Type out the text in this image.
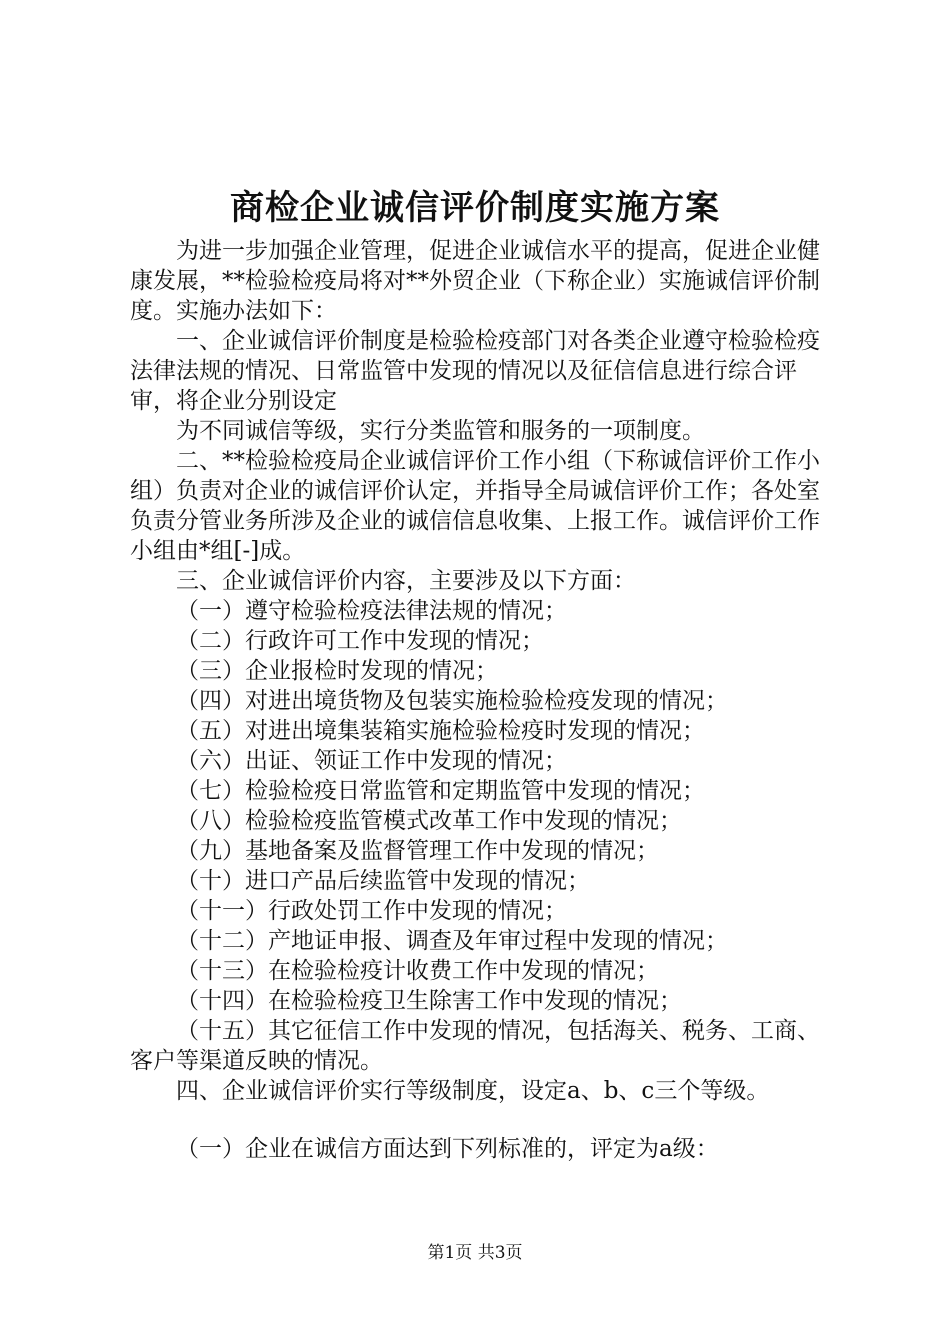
商检企业诚信评价制度实施方案

为进一步加强企业管理，促进企业诚信水平的提高，促进企业健康发展，**检验检疫局将对**外贸企业（下称企业）实施诚信评价制度。实施办法如下：

一、企业诚信评价制度是检验检疫部门对各类企业遵守检验检疫法律法规的情况、日常监管中发现的情况以及征信信息进行综合评审，将企业分别设定

为不同诚信等级，实行分类监管和服务的一项制度。

二、**检验检疫局企业诚信评价工作小组（下称诚信评价工作小组）负责对企业的诚信评价认定，并指导全局诚信评价工作；各处室负责分管业务所涉及企业的诚信信息收集、上报工作。诚信评价工作小组由*组[-]成。

三、企业诚信评价内容，主要涉及以下方面：

（一）遵守检验检疫法律法规的情况；

（二）行政许可工作中发现的情况；

（三）企业报检时发现的情况；

（四）对进出境货物及包装实施检验检疫发现的情况；

（五）对进出境集装箱实施检验检疫时发现的情况；

（六）出证、领证工作中发现的情况；

（七）检验检疫日常监管和定期监管中发现的情况；

（八）检验检疫监管模式改革工作中发现的情况；

（九）基地备案及监督管理工作中发现的情况；

（十）进口产品后续监管中发现的情况；

（十一）行政处罚工作中发现的情况；

（十二）产地证申报、调查及年审过程中发现的情况；

（十三）在检验检疫计收费工作中发现的情况；

（十四）在检验检疫卫生除害工作中发现的情况；

（十五）其它征信工作中发现的情况，包括海关、税务、工商、客户等渠道反映的情况。

四、企业诚信评价实行等级制度，设定a、b、c三个等级。

（一）企业在诚信方面达到下列标准的，评定为a级：

第1页 共3页
